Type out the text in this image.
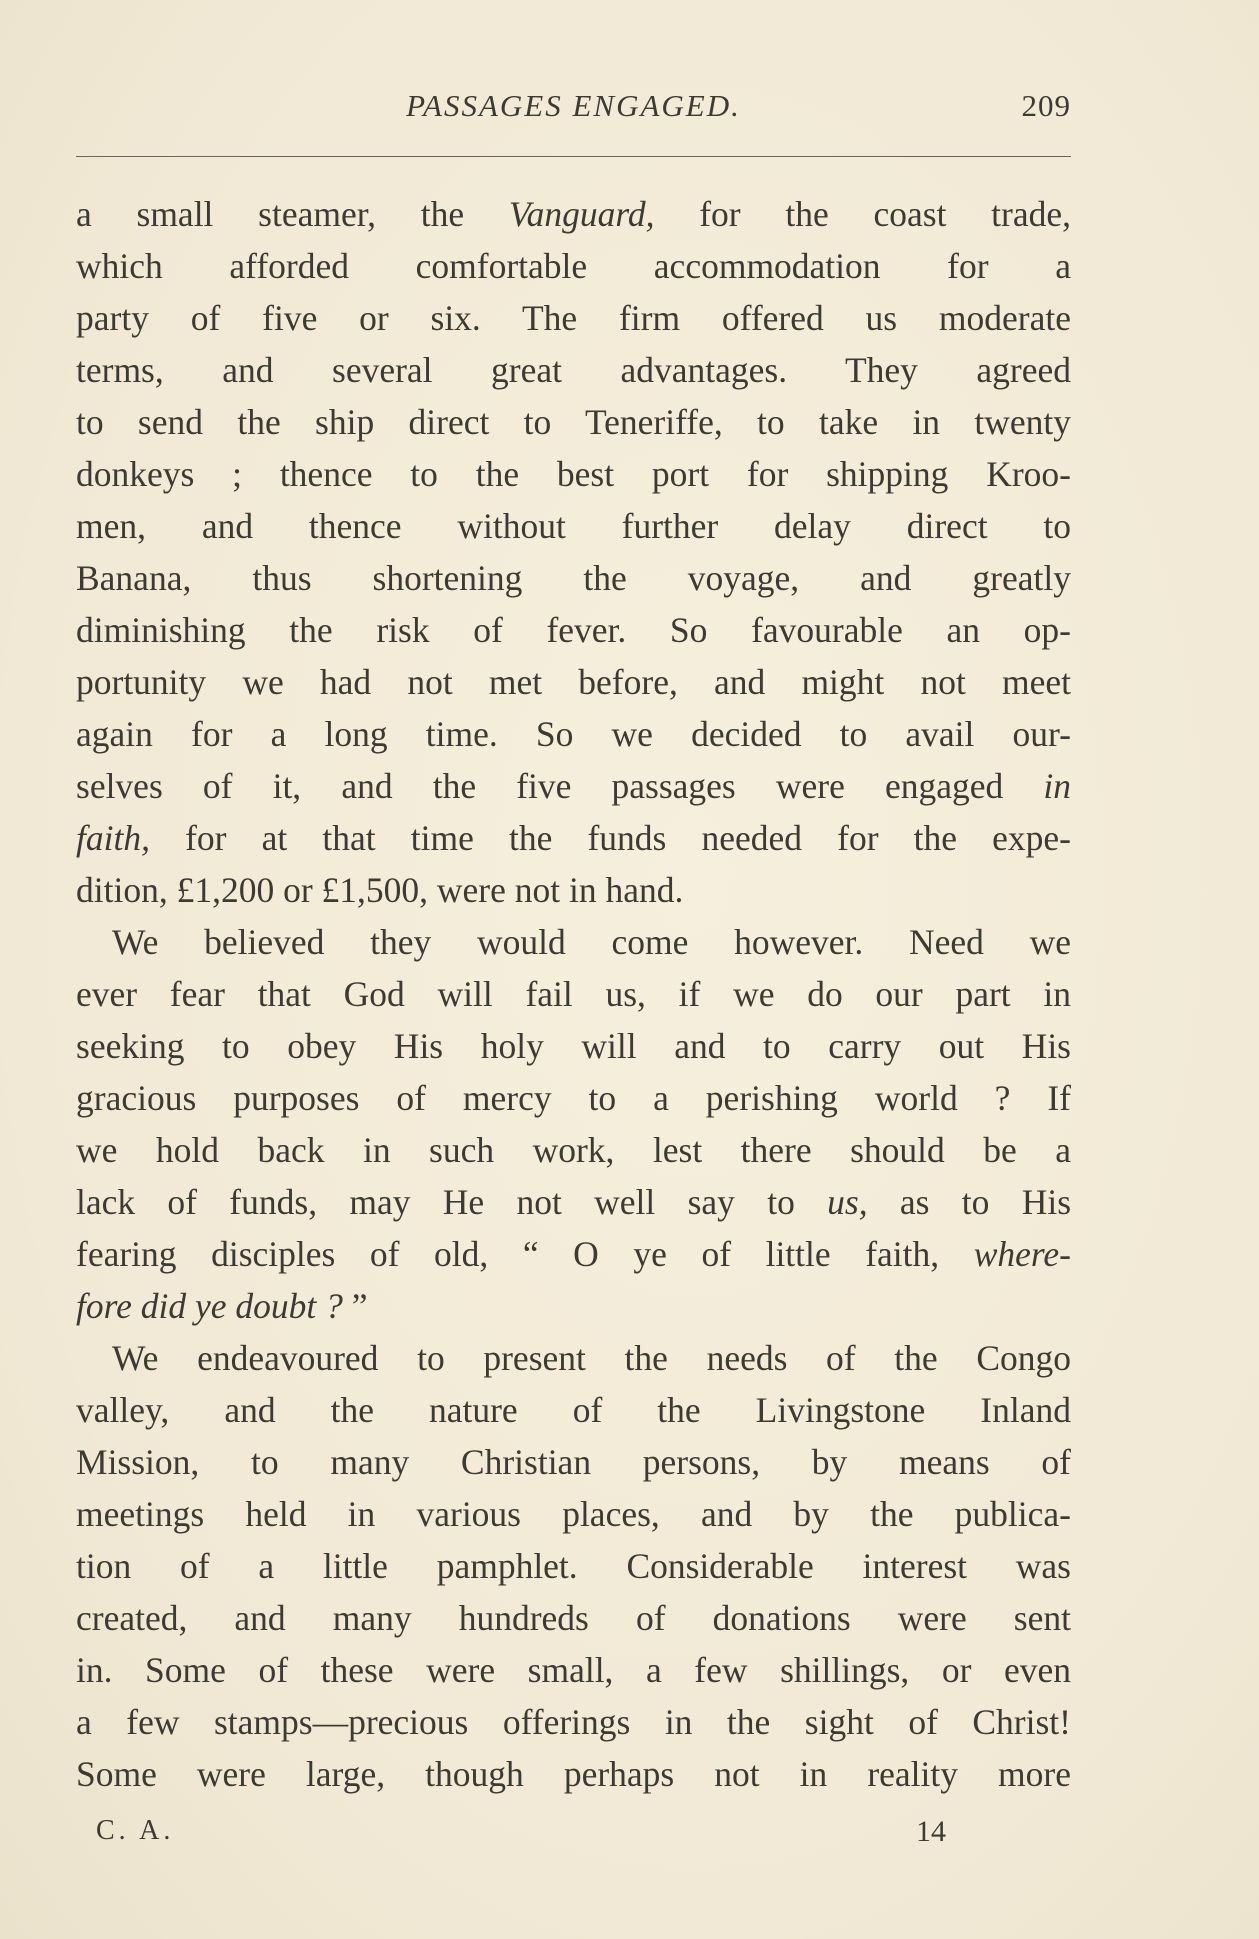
PASSAGES ENGAGED.	209
a small steamer, the Vanguard, for the coast trade,
which afforded comfortable accommodation for a
party of five or six. The firm offered us moderate
terms, and several great advantages. They agreed
to send the ship direct to Teneriffe, to take in twenty
donkeys ; thence to the best port for shipping Kroo-
men, and thence without further delay direct to
Banana, thus shortening the voyage, and greatly
diminishing the risk of fever. So favourable an op-
portunity we had not met before, and might not meet
again for a long time. So we decided to avail our-
selves of it, and the five passages were engaged in
faith, for at that time the funds needed for the expe-
dition, £1,200 or £1,500, were not in hand.
We believed they would come however. Need we
ever fear that God will fail us, if we do our part in
seeking to obey His holy will and to carry out His
gracious purposes of mercy to a perishing world ? If
we hold back in such work, lest there should be a
lack of funds, may He not well say to us, as to His
fearing disciples of old, “ O ye of little faith, where-
fore did ye doubt ? ”
We endeavoured to present the needs of the Congo
valley, and the nature of the Livingstone Inland
Mission, to many Christian persons, by means of
meetings held in various places, and by the publica-
tion of a little pamphlet. Considerable interest was
created, and many hundreds of donations were sent
in. Some of these were small, a few shillings, or even
a few stamps—precious offerings in the sight of Christ!
Some were large, though perhaps not in reality more
C. A.	14
